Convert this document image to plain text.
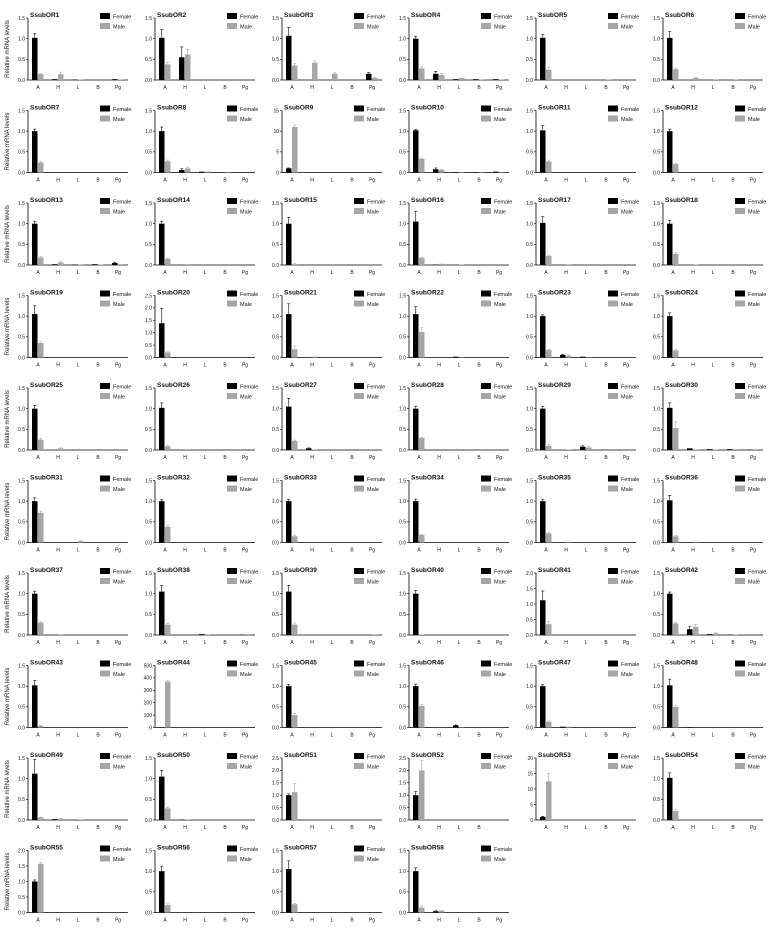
SsubOR1	Female
Male
0.0
0.5
1.0
1.5
A	H	L	B	Pg
Relative mRNA levels
SsubOR2	Female
Male
0.0
0.5
1.0
1.5
A	H	L	B	Pg
SsubOR3	Female
Male
0.0
0.5
1.0
1.5
A	H	L	B	Pg
SsubOR4	Female
Male
0.0
0.5
1.0
1.5
A	H	L	B	Pg
SsubOR5	Female
Male
0.0
0.5
1.0
1.5
A	H	L	B	Pg
SsubOR6	Female
Male
0.0
0.5
1.0
1.5
A	H	L	B	Pg
SsubOR7	Female
Male
0.0
0.5
1.0
1.5
A	H	L	B	Pg
Relative mRNA levels
SsubOR8	Female
Male
0.0
0.5
1.0
1.5
A	H	L	B	Pg
SsubOR9	Female
Male
0
5
10
15
A	H	L	B	Pg
SsubOR10	Female
Male
0.0
0.5
1.0
1.5
A	H	L	B	Pg
SsubOR11	Female
Male
0.0
0.5
1.0
1.5
A	H	L	B	Pg
SsubOR12	Female
Male
0.0
0.5
1.0
1.5
A	H	L	B	Pg
SsubOR13	Female
Male
0.0
0.5
1.0
1.5
A	H	L	B	Pg
Relative mRNA levels
SsubOR14	Female
Male
0.0
0.5
1.0
1.5
A	H	L	B	Pg
SsubOR15	Female
Male
0.0
0.5
1.0
1.5
A	H	L	B	Pg
SsubOR16	Female
Male
0.0
0.5
1.0
1.5
A	H	L	B	Pg
SsubOR17	Female
Male
0.0
0.5
1.0
1.5
A	H	L	B	Pg
SsubOR18	Female
Male
0.0
0.5
1.0
1.5
A	H	L	B	Pg
SsubOR19	Female
Male
0.0
0.5
1.0
1.5
A	H	L	B	Pg
Relative mRNA levels
SsubOR20	Female
Male
0.0
0.5
1.0
1.5
2.0
2.5
A	H	L	B	Pg
SsubOR21	Female
Male
0.0
0.5
1.0
1.5
A	H	L	B	Pg
SsubOR22	Female
Male
0.0
0.5
1.0
1.5
A	H	L	B	Pg
SsubOR23	Female
Male
0.0
0.5
1.0
1.5
A	H	L	B	Pg
SsubOR24	Female
Male
0.0
0.5
1.0
1.5
A	H	L	B	Pg
SsubOR25	Female
Male
0.0
0.5
1.0
1.5
A	H	L	B	Pg
Relative mRNA levels
SsubOR26	Female
Male
0.0
0.5
1.0
1.5
A	H	L	B	Pg
SsubOR27	Female
Male
0.0
0.5
1.0
1.5
A	H	L	B	Pg
SsubOR28	Female
Male
0.0
0.5
1.0
1.5
A	H	L	B	Pg
SsubOR29	Female
Male
0.0
0.5
1.0
1.5
A	H	L	B	Pg
SsubOR30	Female
Male
0.0
0.5
1.0
1.5
A	H	L	B	Pg
SsubOR31	Female
Male
0.0
0.5
1.0
1.5
A	H	L	B	Pg
Relative mRNA levels
SsubOR32	Female
Male
0.0
0.5
1.0
1.5
A	H	L	B	Pg
SsubOR33	Female
Male
0.0
0.5
1.0
1.5
A	H	L	B	Pg
SsubOR34	Female
Male
0.0
0.5
1.0
1.5
A	H	L	B	Pg
SsubOR35	Female
Male
0.0
0.5
1.0
1.5
A	H	L	B	Pg
SsubOR36	Female
Male
0.0
0.5
1.0
1.5
A	H	L	B	Pg
SsubOR37	Female
Male
0.0
0.5
1.0
1.5
A	H	L	B	Pg
Relative mRNA levels
SsubOR38	Female
Male
0.0
0.5
1.0
1.5
A	H	L	B	Pg
SsubOR39	Female
Male
0.0
0.5
1.0
1.5
A	H	L	B	Pg
SsubOR40	Female
Male
0.0
0.5
1.0
1.5
A	H	L	B	Pg
SsubOR41	Female
Male
0.0
0.5
1.0
1.5
2.0
A	H	L	B	Pg
SsubOR42	Female
Male
0.0
0.5
1.0
1.5
A	H	L	B	Pg
SsubOR43	Female
Male
0.0
0.5
1.0
1.5
A	H	L	B	Pg
Relative mRNA levels
SsubOR44	Female
Male
0
100
200
300
400
500
A	H	L	B	Pg
SsubOR45	Female
Male
0.0
0.5
1.0
1.5
A	H	L	B	Pg
SsubOR46	Female
Male
0.0
0.5
1.0
1.5
A	H	L	B	Pg
SsubOR47	Female
Male
0.0
0.5
1.0
1.5
A	H	L	B	Pg
SsubOR48	Female
Male
0.0
0.5
1.0
1.5
A	H	L	B	Pg
SsubOR49	Female
Male
0.0
0.5
1.0
1.5
A	H	L	B	Pg
Relative mRNA levels
SsubOR50	Female
Male
0.0
0.5
1.0
1.5
A	H	L	B	Pg
SsubOR51	Female
Male
0.0
0.5
1.0
1.5
2.0
2.5
A	H	L	B	Pg
SsubOR52	Female
Male
0.0
0.5
1.0
1.5
2.0
2.5
A	H	L	B
SsubOR53	Female
Male
0
5
10
15
20
A	H	L	B	Pg
SsubOR54	Female
Male
0.0
0.5
1.0
1.5
A	H	L	B	Pg
SsubOR55	Female
Male
0.0
0.5
1.0
1.5
2.0
A	H	L	B	Pg
Relative mRNA levels
SsubOR56	Female
Male
0.0
0.5
1.0
1.5
A	H	L	B	Pg
SsubOR57	Female
Male
0.0
0.5
1.0
1.5
A	H	L	B	Pg
SsubOR58	Female
Male
0.0
0.5
1.0
1.5
A	H	L	B	Pg
